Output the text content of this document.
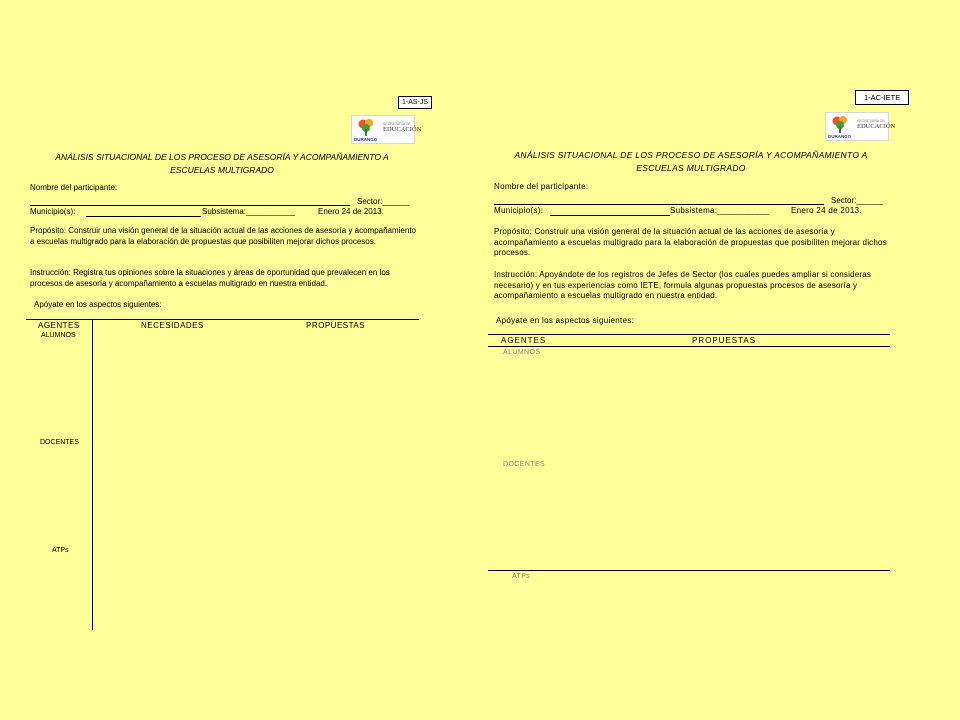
1-AS-JS
DURANGO
SECRETARÍA DE
EDUCACIÓN
ANÁLISIS SITUACIONAL DE LOS PROCESO DE ASESORÍA Y ACOMPAÑAMIENTO A
ESCUELAS MULTIGRADO
Nombre del participante:
Sector:______
Municipio(s):	Subsistema:___________	Enero 24 de 2013.
Propósito: Construir una visión general de la situación actual de las acciones de asesoría y acompañamiento a escuelas multigrado para la elaboración de propuestas que posibiliten mejorar dichos procesos.
Instrucción: Registra tus opiniones sobre la situaciones y áreas de oportunidad que prevalecen en los procesos de asesoría y acompañamiento a escuelas multigrado en nuestra entidad.
Apóyate en los aspectos siguientes:
AGENTES	NECESIDADES	PROPUESTAS
ALUMNOS
DOCENTES
ATPs
1-AC-IETE
DURANGO
SECRETARÍA DE
EDUCACIÓN
ANÁLISIS SITUACIONAL DE LOS PROCESO DE ASESORÍA Y ACOMPAÑAMIENTO A
ESCUELAS MULTIGRADO
Nombre del participante:
Sector:______
Municipio(s):	Subsistema:___________	Enero 24 de 2013.
Propósito: Construir una visión general de la situación actual de las acciones de asesoría y acompañamiento a escuelas multigrado para la elaboración de propuestas que posibiliten mejorar dichos procesos.
Instrucción: Apoyándote de los registros de Jefes de Sector (los cuales puedes ampliar si consideras necesario) y en tus experiencias como IETE, formula algunas propuestas procesos de asesoría y acompañamiento a escuelas multigrado en nuestra entidad.
Apóyate en los aspectos siguientes:
AGENTES	PROPUESTAS
ALUMNOS
DOCENTES
ATPs
